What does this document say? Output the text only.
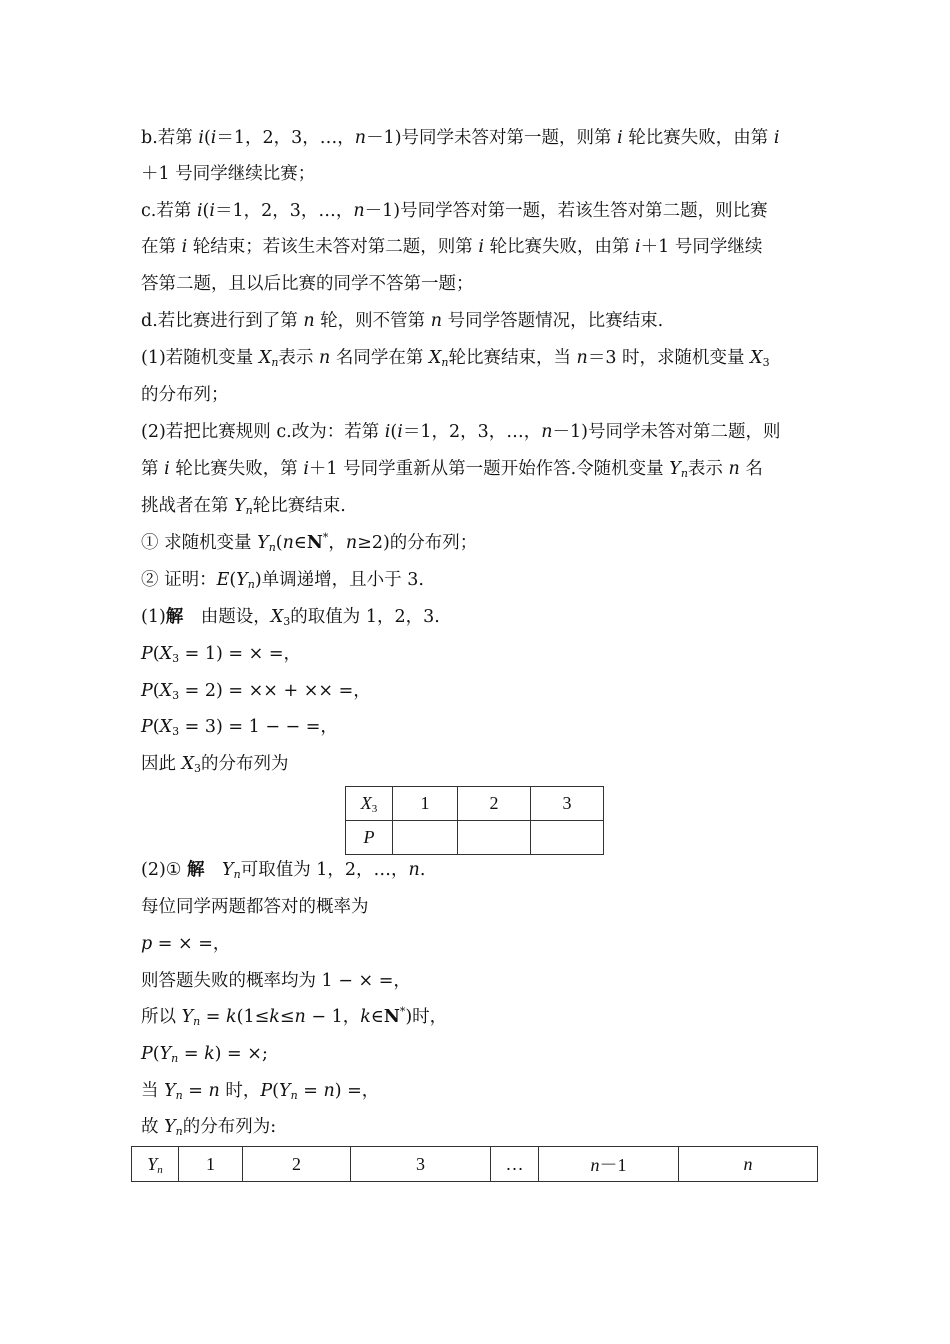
b.若第 i(i＝1，2，3，…，n－1)号同学未答对第一题，则第 i 轮比赛失败，由第 i
＋1 号同学继续比赛；
c.若第 i(i＝1，2，3，…，n－1)号同学答对第一题，若该生答对第二题，则比赛
在第 i 轮结束；若该生未答对第二题，则第 i 轮比赛失败，由第 i＋1 号同学继续
答第二题，且以后比赛的同学不答第一题；
d.若比赛进行到了第 n 轮，则不管第 n 号同学答题情况，比赛结束.
(1)若随机变量 $X_n$表示 n 名同学在第 $X_n$轮比赛结束，当 n＝3 时，求随机变量 $X_3$
的分布列；
(2)若把比赛规则 c.改为：若第 i(i＝1，2，3，…，n－1)号同学未答对第二题，则
第 i 轮比赛失败，第 i＋1 号同学重新从第一题开始作答.令随机变量 $Y_n$表示 n 名
挑战者在第 $Y_n$轮比赛结束.
① 求随机变量 $Y_n(n\in N^*$，n≥2)的分布列；
② 证明：$E(Y_n)$单调递增，且小于 3.
(1)解　由题设，$X_3$的取值为 1，2，3.
$P(X_3 = 1)$ = × =，
$P(X_3 = 2)$ = ×× + ×× =，
$P(X_3 = 3) = 1$ − − =，
因此 $X_3$的分布列为
$X_3$	1	2	3
P			
(2)① 解　 $Y_n$可取值为 1，2，…，n.
每位同学两题都答对的概率为
p = × =，
则答题失败的概率均为 1 − × =，
所以 $Y_n = k(1\le k\le n - 1$，k∈N*)时，
$P(Y_n = k)$ = ×;
当 $Y_n = n$ 时，$P(Y_n = n)$ =，
故 $Y_n$的分布列为:
$Y_n$	1	2	3	…	n－1	n
